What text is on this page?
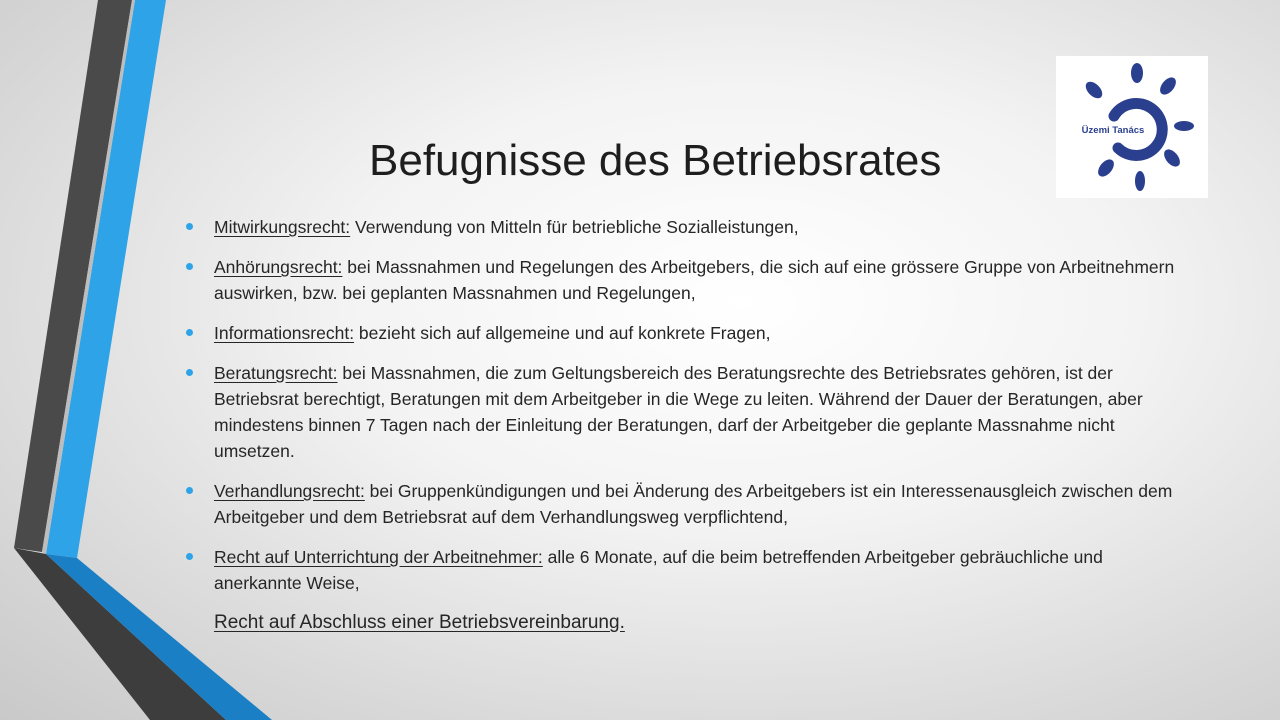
Üzemi Tanács
Befugnisse des Betriebsrates
Mitwirkungsrecht: Verwendung von Mitteln für betriebliche Sozialleistungen,
Anhörungsrecht: bei Massnahmen und Regelungen des Arbeitgebers, die sich auf eine grössere Gruppe von Arbeitnehmern auswirken, bzw. bei geplanten Massnahmen und Regelungen,
Informationsrecht: bezieht sich auf allgemeine und auf konkrete Fragen,
Beratungsrecht: bei Massnahmen, die zum Geltungsbereich des Beratungsrechte des Betriebsrates gehören, ist der Betriebsrat berechtigt, Beratungen mit dem Arbeitgeber in die Wege zu leiten. Während der Dauer der Beratungen, aber mindestens binnen 7 Tagen nach der Einleitung der Beratungen, darf der Arbeitgeber die geplante Massnahme nicht umsetzen.
Verhandlungsrecht: bei Gruppenkündigungen und bei Änderung des Arbeitgebers ist ein Interessenausgleich zwischen dem Arbeitgeber und dem Betriebsrat auf dem Verhandlungsweg verpflichtend,
Recht auf Unterrichtung der Arbeitnehmer: alle 6 Monate, auf die beim betreffenden Arbeitgeber gebräuchliche und anerkannte Weise,
Recht auf Abschluss einer Betriebsvereinbarung.
